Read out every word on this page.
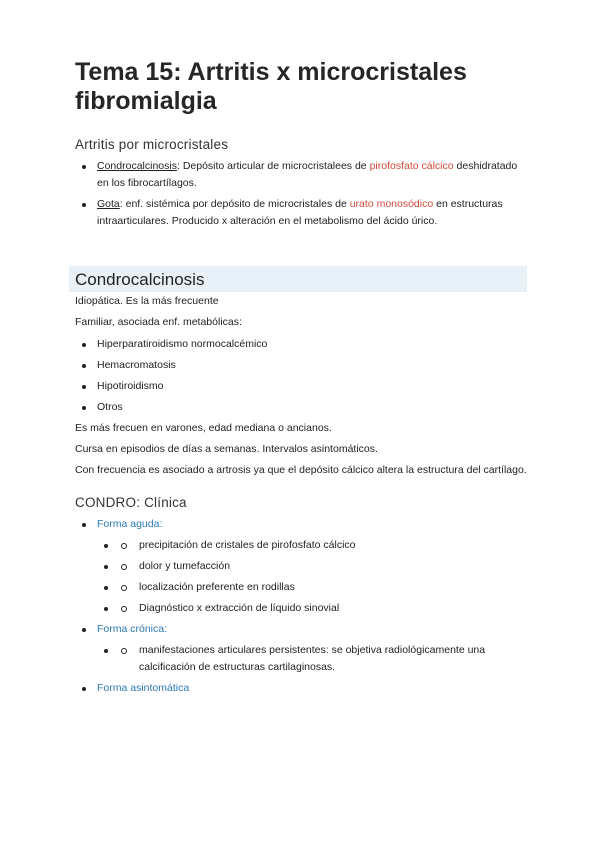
Tema 15: Artritis x microcristales fibromialgia
Artritis por microcristales
Condrocalcinosis: Depósito articular de microcristalees de pirofosfato cálcico deshidratado en los fibrocartílagos.
Gota: enf. sistémica por depósito de microcristales de urato monosódico en estructuras intraarticulares. Producido x alteración en el metabolismo del ácido úrico.
Condrocalcinosis

Idiopática. Es la más frecuente

Familiar, asociada enf. metabólicas:

Hiperparatiroidismo normocalcémico
Hemacromatosis
Hipotiroidismo
Otros

Es más frecuen en varones, edad mediana o ancianos.

Cursa en episodios de días a semanas. Intervalos asintomáticos.

Con frecuencia es asociado a artrosis ya que el depósito cálcico altera la estructura del cartílago.

CONDRO: Clínica
Forma aguda:
precipitación de cristales de pirofosfato cálcico
dolor y tumefacción
localización preferente en rodillas
Diagnóstico x extracción de líquido sinovial
Forma crónica:
manifestaciones articulares persistentes: se objetiva radiológicamente una calcificación de estructuras cartilaginosas.
Forma asintomática
